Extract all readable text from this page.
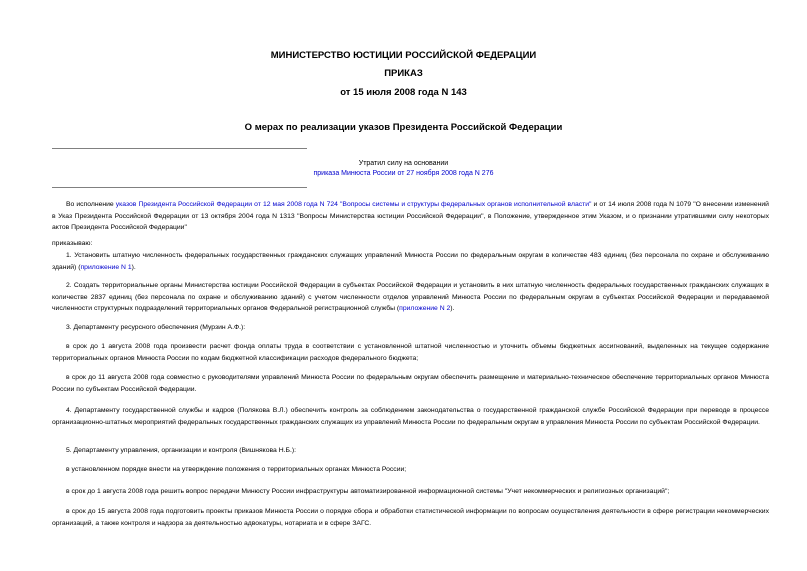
МИНИСТЕРСТВО ЮСТИЦИИ РОССИЙСКОЙ ФЕДЕРАЦИИ
ПРИКАЗ
от 15 июля 2008 года N 143
О мерах по реализации указов Президента Российской Федерации
Утратил силу на основании
приказа Минюста России от 27 ноября 2008 года N 276
Во исполнение указов Президента Российской Федерации от 12 мая 2008 года N 724 "Вопросы системы и структуры федеральных органов исполнительной власти" и от 14 июля 2008 года N 1079 "О внесении изменений в Указ Президента Российской Федерации от 13 октября 2004 года N 1313 "Вопросы Министерства юстиции Российской Федерации", в Положение, утвержденное этим Указом, и о признании утратившими силу некоторых актов Президента Российской Федерации"
приказываю:
1. Установить штатную численность федеральных государственных гражданских служащих управлений Минюста России по федеральным округам в количестве 483 единиц (без персонала по охране и обслуживанию зданий) (приложение N 1).
2. Создать территориальные органы Министерства юстиции Российской Федерации в субъектах Российской Федерации и установить в них штатную численность федеральных государственных гражданских служащих в количестве 2837 единиц (без персонала по охране и обслуживанию зданий) с учетом численности отделов управлений Минюста России по федеральным округам в субъектах Российской Федерации и передаваемой численности структурных подразделений территориальных органов Федеральной регистрационной службы (приложение N 2).
3. Департаменту ресурсного обеспечения (Мурзин А.Ф.):
в срок до 1 августа 2008 года произвести расчет фонда оплаты труда в соответствии с установленной штатной численностью и уточнить объемы бюджетных ассигнований, выделенных на текущее содержание территориальных органов Минюста России по кодам бюджетной классификации расходов федерального бюджета;
в срок до 11 августа 2008 года совместно с руководителями управлений Минюста России по федеральным округам обеспечить размещение и материально-техническое обеспечение территориальных органов Минюста России по субъектам Российской Федерации.
4. Департаменту государственной службы и кадров (Полякова В.Л.) обеспечить контроль за соблюдением законодательства о государственной гражданской службе Российской Федерации при переводе в процессе организационно-штатных мероприятий федеральных государственных гражданских служащих из управлений Минюста России по федеральным округам в управления Минюста России по субъектам Российской Федерации.
5. Департаменту управления, организации и контроля (Вишнякова Н.Б.):
в установленном порядке внести на утверждение положения о территориальных органах Минюста России;
в срок до 1 августа 2008 года решить вопрос передачи Минюсту России инфраструктуры автоматизированной информационной системы "Учет некоммерческих и религиозных организаций";
в срок до 15 августа 2008 года подготовить проекты приказов Минюста России о порядке сбора и обработки статистической информации по вопросам осуществления деятельности в сфере регистрации некоммерческих организаций, а также контроля и надзора за деятельностью адвокатуры, нотариата и в сфере ЗАГС.
